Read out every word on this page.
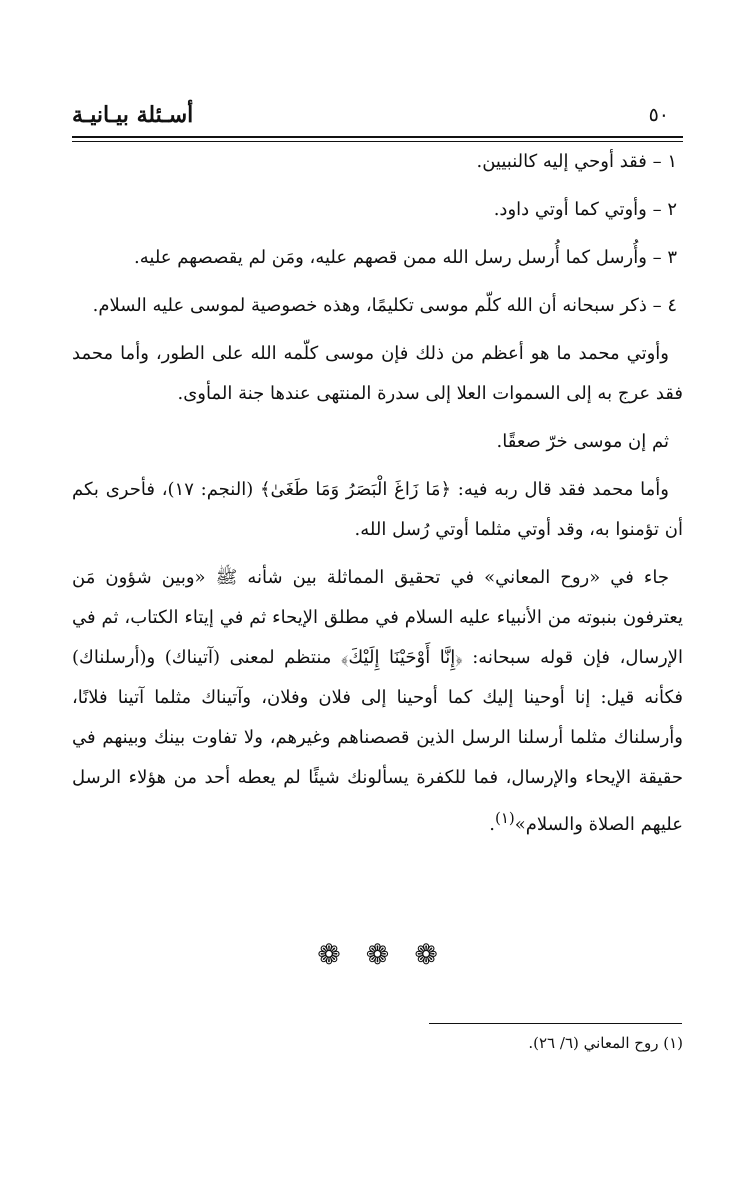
أسـئلة بيـانيـة	٥٠

١ – فقد أوحي إليه كالنبيين.

٢ – وأوتي كما أوتي داود.

٣ – وأُرسل كما أُرسل رسل الله ممن قصهم عليه، ومَن لم يقصصهم عليه.

٤ – ذكر سبحانه أن الله كلّم موسى تكليمًا، وهذه خصوصية لموسى عليه السلام.

وأوتي محمد ما هو أعظم من ذلك فإن موسى كلّمه الله على الطور، وأما محمد فقد عرج به إلى السموات العلا إلى سدرة المنتهى عندها جنة المأوى.

ثم إن موسى خرّ صعقًا.

وأما محمد فقد قال ربه فيه: ﴿مَا زَاغَ الْبَصَرُ وَمَا طَغَىٰ﴾ (النجم: ١٧)، فأحرى بكم أن تؤمنوا به، وقد أوتي مثلما أوتي رُسل الله.

جاء في «روح المعاني» في تحقيق المماثلة بين شأنه ﷺ «وبين شؤون مَن يعترفون بنبوته من الأنبياء عليه السلام في مطلق الإيحاء ثم في إيتاء الكتاب، ثم في الإرسال، فإن قوله سبحانه: ﴿إِنَّا أَوْحَيْنَا إِلَيْكَ﴾ منتظم لمعنى (آتيناك) و(أرسلناك) فكأنه قيل: إنا أوحينا إليك كما أوحينا إلى فلان وفلان، وآتيناك مثلما آتينا فلانًا، وأرسلناك مثلما أرسلنا الرسل الذين قصصناهم وغيرهم، ولا تفاوت بينك وبينهم في حقيقة الإيحاء والإرسال، فما للكفرة يسألونك شيئًا لم يعطه أحد من هؤلاء الرسل عليهم الصلاة والسلام»$^{(١)}$.

❁ ❁ ❁
(١) روح المعاني (٦/ ٢٦).
